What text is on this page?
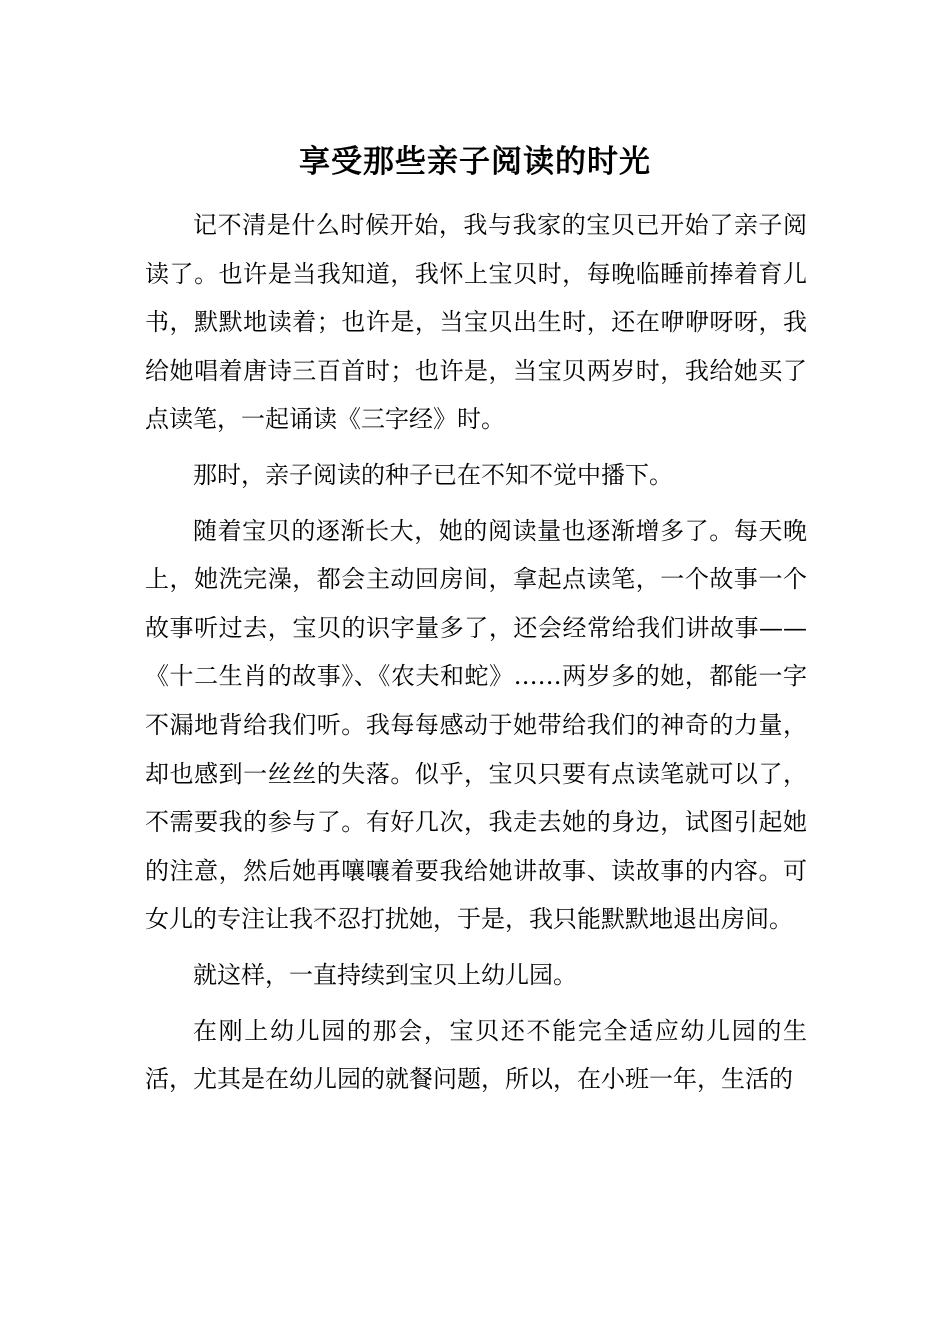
享受那些亲子阅读的时光

记不清是什么时候开始，我与我家的宝贝已开始了亲子阅读了。也许是当我知道，我怀上宝贝时，每晚临睡前捧着育儿书，默默地读着；也许是，当宝贝出生时，还在咿咿呀呀，我给她唱着唐诗三百首时；也许是，当宝贝两岁时，我给她买了点读笔，一起诵读《三字经》时。

那时，亲子阅读的种子已在不知不觉中播下。

随着宝贝的逐渐长大，她的阅读量也逐渐增多了。每天晚上，她洗完澡，都会主动回房间，拿起点读笔，一个故事一个故事听过去，宝贝的识字量多了，还会经常给我们讲故事——《十二生肖的故事》、《农夫和蛇》……两岁多的她，都能一字不漏地背给我们听。我每每感动于她带给我们的神奇的力量，却也感到一丝丝的失落。似乎，宝贝只要有点读笔就可以了，不需要我的参与了。有好几次，我走去她的身边，试图引起她的注意，然后她再嚷嚷着要我给她讲故事、读故事的内容。可女儿的专注让我不忍打扰她，于是，我只能默默地退出房间。

就这样，一直持续到宝贝上幼儿园。

在刚上幼儿园的那会，宝贝还不能完全适应幼儿园的生活，尤其是在幼儿园的就餐问题，所以，在小班一年，生活的
